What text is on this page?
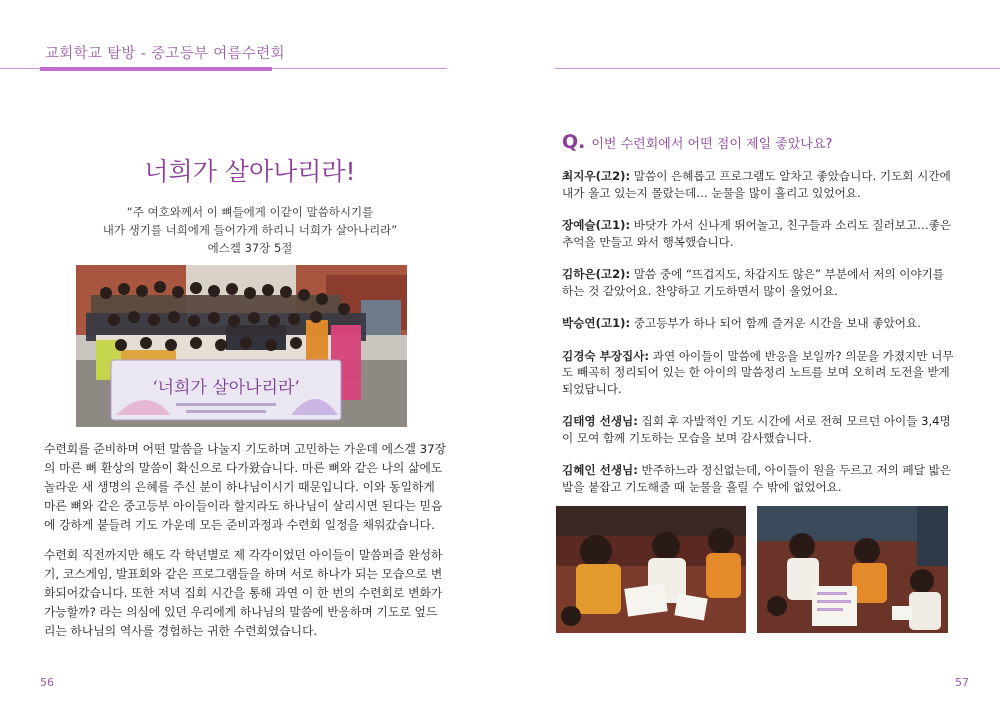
교회학교 탐방 - 중고등부 여름수련회
너희가 살아나리라!
“주 여호와께서 이 뼈들에게 이같이 말씀하시기를
내가 생기를 너희에게 들어가게 하리니 너희가 살아나리라”
에스겔 37장 5절
‘너희가 살아나리라’

수련회를 준비하며 어떤 말씀을 나눌지 기도하며 고민하는 가운데 에스겔 37장의 마른 뼈 환상의 말씀이 확신으로 다가왔습니다. 마른 뼈와 같은 나의 삶에도 놀라운 새 생명의 은혜를 주신 분이 하나님이시기 때문입니다. 이와 동일하게 마른 뼈와 같은 중고등부 아이들이라 할지라도 하나님이 살리시면 된다는 믿음에 강하게 붙들려 기도 가운데 모든 준비과정과 수련회 일정을 채워갔습니다.

수련회 직전까지만 해도 각 학년별로 제 각각이었던 아이들이 말씀퍼즐 완성하기, 코스게임, 발표회와 같은 프로그램들을 하며 서로 하나가 되는 모습으로 변화되어갔습니다. 또한 저녁 집회 시간을 통해 과연 이 한 번의 수련회로 변화가 가능할까? 라는 의심에 있던 우리에게 하나님의 말씀에 반응하며 기도로 엎드리는 하나님의 역사를 경험하는 귀한 수련회였습니다.

56
Q. 이번 수련회에서 어떤 점이 제일 좋았나요?

최지우(고2): 말씀이 은혜롭고 프로그램도 알차고 좋았습니다. 기도회 시간에 내가 울고 있는지 몰랐는데… 눈물을 많이 흘리고 있었어요.

장예슬(고1): 바닷가 가서 신나게 뛰어놀고, 친구들과 소리도 질러보고…좋은 추억을 만들고 와서 행복했습니다.

김하은(고2): 말씀 중에 “뜨겁지도, 차갑지도 않은” 부분에서 저의 이야기를 하는 것 같았어요. 찬양하고 기도하면서 많이 울었어요.

박승연(고1): 중고등부가 하나 되어 함께 즐거운 시간을 보내 좋았어요.

김경숙 부장집사: 과연 아이들이 말씀에 반응을 보일까? 의문을 가졌지만 너무도 빼곡히 정리되어 있는 한 아이의 말씀정리 노트를 보며 오히려 도전을 받게 되었답니다.

김태영 선생님: 집회 후 자발적인 기도 시간에 서로 전혀 모르던 아이들 3,4명이 모여 함께 기도하는 모습을 보며 감사했습니다.

김혜인 선생님: 반주하느라 정신없는데, 아이들이 원을 두르고 저의 페달 밟은 발을 붙잡고 기도해줄 때 눈물을 흘릴 수 밖에 없었어요.

57
